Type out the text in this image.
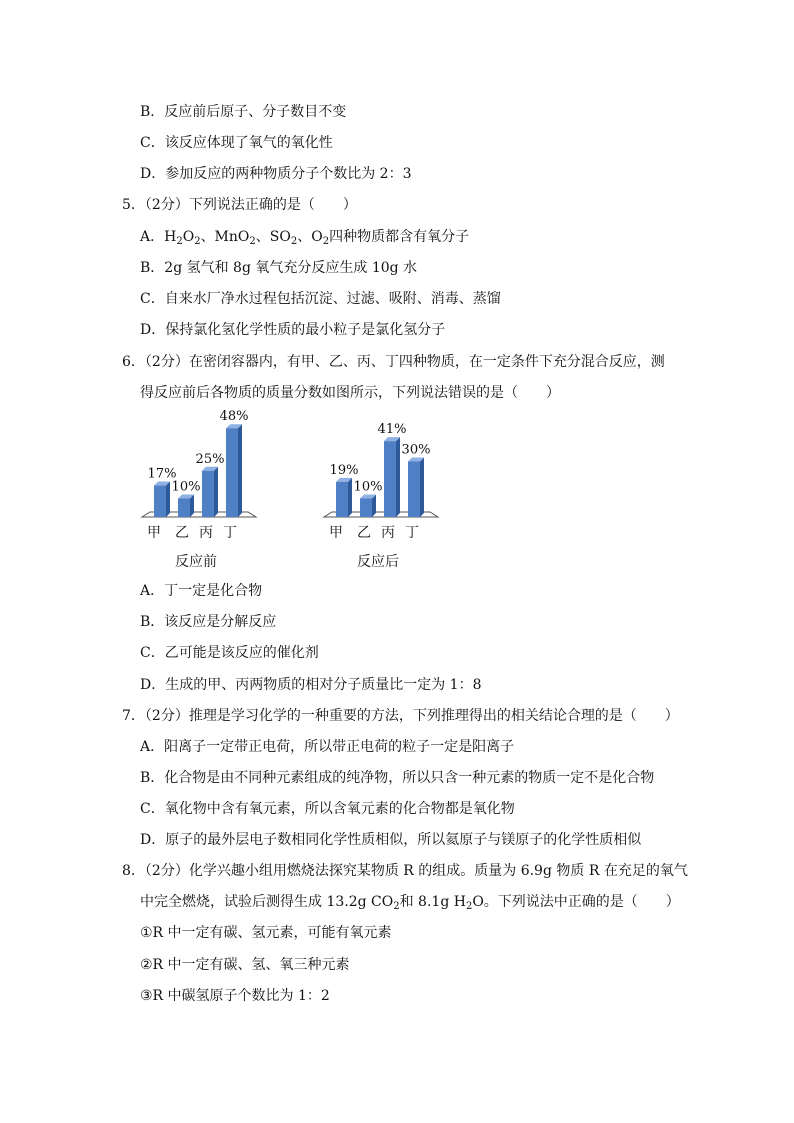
B．反应前后原子、分子数目不变
C．该反应体现了氧气的氧化性
D．参加反应的两种物质分子个数比为 2：3
5．（2分）下列说法正确的是（　　）
A．$H_2O_2$、MnO$_2$、$SO_2$、$O_2$四种物质都含有氧分子
B．2g 氢气和 8g 氧气充分反应生成 10g 水
C．自来水厂净水过程包括沉淀、过滤、吸附、消毒、蒸馏
D．保持氯化氢化学性质的最小粒子是氯化氢分子
6．（2分）在密闭容器内，有甲、乙、丙、丁四种物质，在一定条件下充分混合反应，测
得反应前后各物质的质量分数如图所示，下列说法错误的是（　　）
17%
甲
10%
乙
25%
丙
48%
丁
反应前
19%
甲
10%
乙
41%
丙
30%
丁
反应后
A．丁一定是化合物
B．该反应是分解反应
C．乙可能是该反应的催化剂
D．生成的甲、丙两物质的相对分子质量比一定为 1：8
7．（2分）推理是学习化学的一种重要的方法，下列推理得出的相关结论合理的是（　　）
A．阳离子一定带正电荷，所以带正电荷的粒子一定是阳离子
B．化合物是由不同种元素组成的纯净物，所以只含一种元素的物质一定不是化合物
C．氧化物中含有氧元素，所以含氧元素的化合物都是氧化物
D．原子的最外层电子数相同化学性质相似，所以氦原子与镁原子的化学性质相似
8．（2分）化学兴趣小组用燃烧法探究某物质 R 的组成。质量为 6.9g 物质 R 在充足的氧气
中完全燃烧，试验后测得生成 13.2g $CO_2$和 8.1g $H_2O$。下列说法中正确的是（　　）
①R 中一定有碳、氢元素，可能有氧元素
②R 中一定有碳、氢、氧三种元素
③R 中碳氢原子个数比为 1：2
